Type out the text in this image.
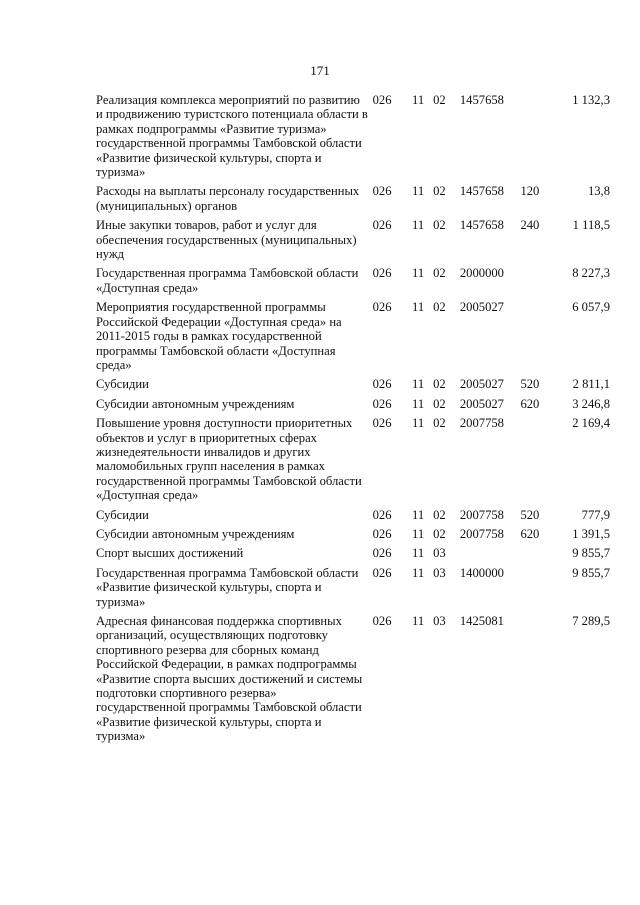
171
Реализация комплекса мероприятий по развитию и продвижению туристского потенциала области в рамках подпрограммы «Развитие туризма» государственной программы Тамбовской области «Развитие физической культуры, спорта и туризма»	026	11	02	1457658		1 132,3
Расходы на выплаты персоналу государственных (муниципальных) органов	026	11	02	1457658	120	13,8
Иные закупки товаров, работ и услуг для обеспечения государственных (муниципальных) нужд	026	11	02	1457658	240	1 118,5
Государственная программа Тамбовской области «Доступная среда»	026	11	02	2000000		8 227,3
Мероприятия государственной программы Российской Федерации «Доступная среда» на 2011-2015 годы в рамках государственной программы Тамбовской области «Доступная среда»	026	11	02	2005027		6 057,9
Субсидии	026	11	02	2005027	520	2 811,1
Субсидии автономным учреждениям	026	11	02	2005027	620	3 246,8
Повышение уровня доступности приоритетных объектов и услуг в приоритетных сферах жизнедеятельности инвалидов и других маломобильных групп населения в рамках государственной программы Тамбовской области «Доступная среда»	026	11	02	2007758		2 169,4
Субсидии	026	11	02	2007758	520	777,9
Субсидии автономным учреждениям	026	11	02	2007758	620	1 391,5
Спорт высших достижений	026	11	03			9 855,7
Государственная программа Тамбовской области «Развитие физической культуры, спорта и туризма»	026	11	03	1400000		9 855,7
Адресная финансовая поддержка спортивных организаций, осуществляющих подготовку спортивного резерва для сборных команд Российской Федерации, в рамках подпрограммы «Развитие спорта высших достижений и системы подготовки спортивного резерва» государственной программы Тамбовской области «Развитие физической культуры, спорта и туризма»	026	11	03	1425081		7 289,5
